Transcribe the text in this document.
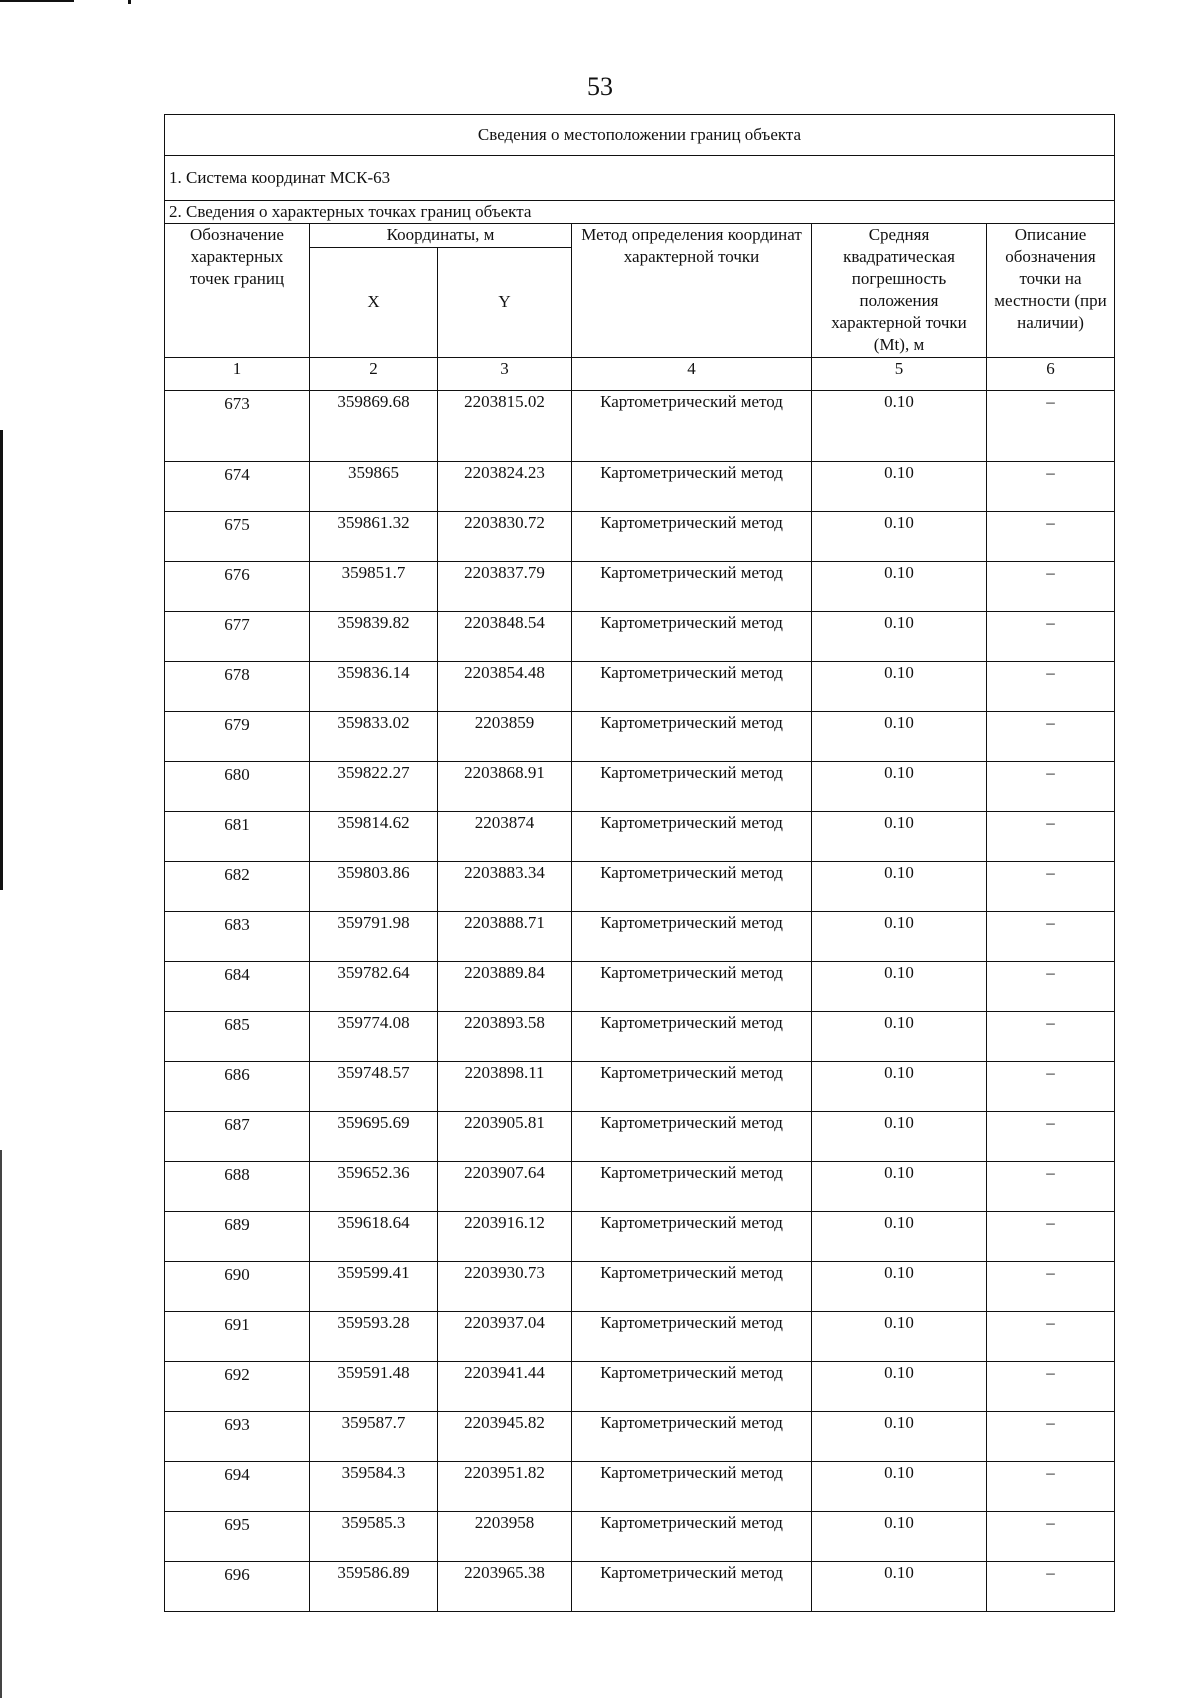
53
Сведения о местоположении границ объекта					
1. Система координат МСК-63					
2. Сведения о характерных точках границ объекта					
Обозначение характерных точек границ	Координаты, м		Метод определения координат характерной точки	Средняя квадратическая погрешность положения характерной точки (Mt), м	Описание обозначения точки на местности (при наличии)
	X	Y			
1	2	3	4	5	6
673	359869.68	2203815.02	Картометрический метод	0.10	–
674	359865	2203824.23	Картометрический метод	0.10	–
675	359861.32	2203830.72	Картометрический метод	0.10	–
676	359851.7	2203837.79	Картометрический метод	0.10	–
677	359839.82	2203848.54	Картометрический метод	0.10	–
678	359836.14	2203854.48	Картометрический метод	0.10	–
679	359833.02	2203859	Картометрический метод	0.10	–
680	359822.27	2203868.91	Картометрический метод	0.10	–
681	359814.62	2203874	Картометрический метод	0.10	–
682	359803.86	2203883.34	Картометрический метод	0.10	–
683	359791.98	2203888.71	Картометрический метод	0.10	–
684	359782.64	2203889.84	Картометрический метод	0.10	–
685	359774.08	2203893.58	Картометрический метод	0.10	–
686	359748.57	2203898.11	Картометрический метод	0.10	–
687	359695.69	2203905.81	Картометрический метод	0.10	–
688	359652.36	2203907.64	Картометрический метод	0.10	–
689	359618.64	2203916.12	Картометрический метод	0.10	–
690	359599.41	2203930.73	Картометрический метод	0.10	–
691	359593.28	2203937.04	Картометрический метод	0.10	–
692	359591.48	2203941.44	Картометрический метод	0.10	–
693	359587.7	2203945.82	Картометрический метод	0.10	–
694	359584.3	2203951.82	Картометрический метод	0.10	–
695	359585.3	2203958	Картометрический метод	0.10	–
696	359586.89	2203965.38	Картометрический метод	0.10	–
